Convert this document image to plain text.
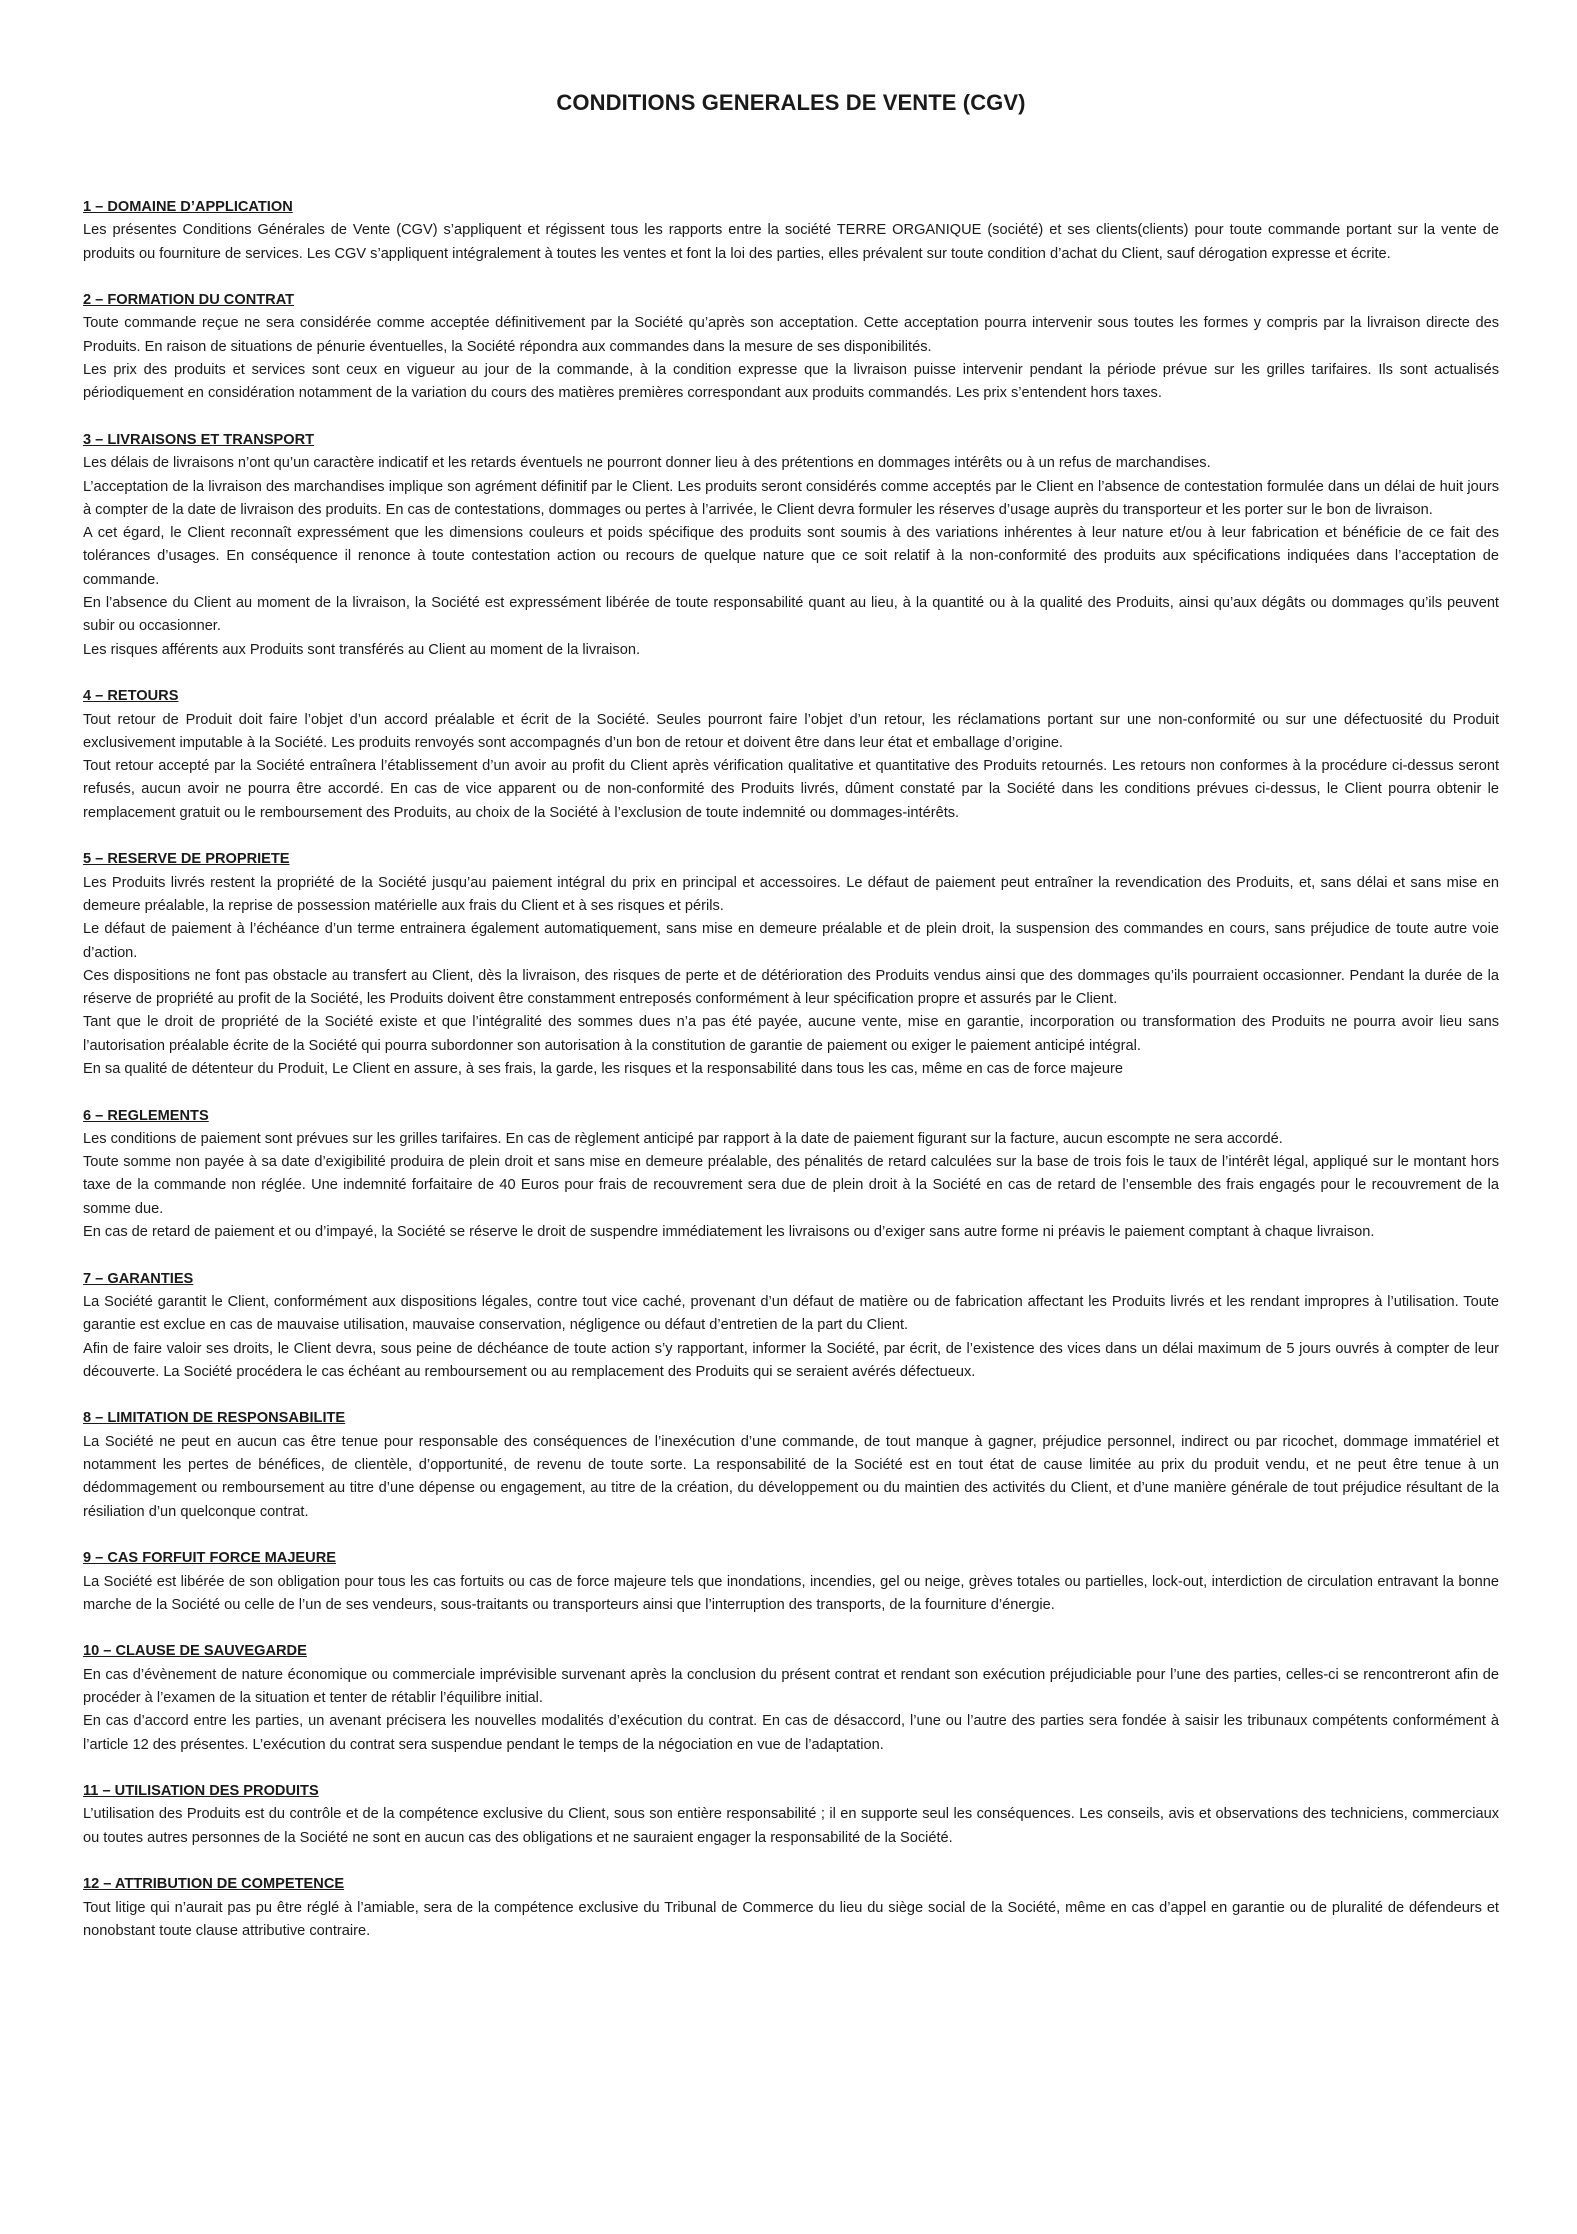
CONDITIONS GENERALES DE VENTE (CGV)
1 – DOMAINE D’APPLICATION
Les présentes Conditions Générales de Vente (CGV) s’appliquent et régissent tous les rapports entre la société TERRE ORGANIQUE (société) et ses clients(clients) pour toute commande portant sur la vente de produits ou fourniture de services. Les CGV s’appliquent intégralement à toutes les ventes et font la loi des parties, elles prévalent sur toute condition d’achat du Client, sauf dérogation expresse et écrite.
2 – FORMATION DU CONTRAT
Toute commande reçue ne sera considérée comme acceptée définitivement par la Société qu’après son acceptation. Cette acceptation pourra intervenir sous toutes les formes y compris par la livraison directe des Produits. En raison de situations de pénurie éventuelles, la Société répondra aux commandes dans la mesure de ses disponibilités.
Les prix des produits et services sont ceux en vigueur au jour de la commande, à la condition expresse que la livraison puisse intervenir pendant la période prévue sur les grilles tarifaires. Ils sont actualisés périodiquement en considération notamment de la variation du cours des matières premières correspondant aux produits commandés. Les prix s’entendent hors taxes.
3 – LIVRAISONS ET TRANSPORT
Les délais de livraisons n’ont qu’un caractère indicatif et les retards éventuels ne pourront donner lieu à des prétentions en dommages intérêts ou à un refus de marchandises.
L’acceptation de la livraison des marchandises implique son agrément définitif par le Client. Les produits seront considérés comme acceptés par le Client en l’absence de contestation formulée dans un délai de huit jours à compter de la date de livraison des produits. En cas de contestations, dommages ou pertes à l’arrivée, le Client devra formuler les réserves d’usage auprès du transporteur et les porter sur le bon de livraison.
A cet égard, le Client reconnaît expressément que les dimensions couleurs et poids spécifique des produits sont soumis à des variations inhérentes à leur nature et/ou à leur fabrication et bénéficie de ce fait des tolérances d’usages. En conséquence il renonce à toute contestation action ou recours de quelque nature que ce soit relatif à la non-conformité des produits aux spécifications indiquées dans l’acceptation de commande.
En l’absence du Client au moment de la livraison, la Société est expressément libérée de toute responsabilité quant au lieu, à la quantité ou à la qualité des Produits, ainsi qu’aux dégâts ou dommages qu’ils peuvent subir ou occasionner.
Les risques afférents aux Produits sont transférés au Client au moment de la livraison.
4 – RETOURS
Tout retour de Produit doit faire l’objet d’un accord préalable et écrit de la Société. Seules pourront faire l’objet d’un retour, les réclamations portant sur une non-conformité ou sur une défectuosité du Produit exclusivement imputable à la Société. Les produits renvoyés sont accompagnés d’un bon de retour et doivent être dans leur état et emballage d’origine.
Tout retour accepté par la Société entraînera l’établissement d’un avoir au profit du Client après vérification qualitative et quantitative des Produits retournés. Les retours non conformes à la procédure ci-dessus seront refusés, aucun avoir ne pourra être accordé. En cas de vice apparent ou de non-conformité des Produits livrés, dûment constaté par la Société dans les conditions prévues ci-dessus, le Client pourra obtenir le remplacement gratuit ou le remboursement des Produits, au choix de la Société à l’exclusion de toute indemnité ou dommages-intérêts.
5 – RESERVE DE PROPRIETE
Les Produits livrés restent la propriété de la Société jusqu’au paiement intégral du prix en principal et accessoires. Le défaut de paiement peut entraîner la revendication des Produits, et, sans délai et sans mise en demeure préalable, la reprise de possession matérielle aux frais du Client et à ses risques et périls.
Le défaut de paiement à l’échéance d’un terme entrainera également automatiquement, sans mise en demeure préalable et de plein droit, la suspension des commandes en cours, sans préjudice de toute autre voie d’action.
Ces dispositions ne font pas obstacle au transfert au Client, dès la livraison, des risques de perte et de détérioration des Produits vendus ainsi que des dommages qu’ils pourraient occasionner. Pendant la durée de la réserve de propriété au profit de la Société, les Produits doivent être constamment entreposés conformément à leur spécification propre et assurés par le Client.
Tant que le droit de propriété de la Société existe et que l’intégralité des sommes dues n’a pas été payée, aucune vente, mise en garantie, incorporation ou transformation des Produits ne pourra avoir lieu sans l’autorisation préalable écrite de la Société qui pourra subordonner son autorisation à la constitution de garantie de paiement ou exiger le paiement anticipé intégral.
En sa qualité de détenteur du Produit, Le Client en assure, à ses frais, la garde, les risques et la responsabilité dans tous les cas, même en cas de force majeure
6 – REGLEMENTS
Les conditions de paiement sont prévues sur les grilles tarifaires. En cas de règlement anticipé par rapport à la date de paiement figurant sur la facture, aucun escompte ne sera accordé.
Toute somme non payée à sa date d’exigibilité produira de plein droit et sans mise en demeure préalable, des pénalités de retard calculées sur la base de trois fois le taux de l’intérêt légal, appliqué sur le montant hors taxe de la commande non réglée. Une indemnité forfaitaire de 40 Euros pour frais de recouvrement sera due de plein droit à la Société en cas de retard de l’ensemble des frais engagés pour le recouvrement de la somme due.
En cas de retard de paiement et ou d’impayé, la Société se réserve le droit de suspendre immédiatement les livraisons ou d’exiger sans autre forme ni préavis le paiement comptant à chaque livraison.
7 – GARANTIES
La Société garantit le Client, conformément aux dispositions légales, contre tout vice caché, provenant d’un défaut de matière ou de fabrication affectant les Produits livrés et les rendant impropres à l’utilisation. Toute garantie est exclue en cas de mauvaise utilisation, mauvaise conservation, négligence ou défaut d’entretien de la part du Client.
Afin de faire valoir ses droits, le Client devra, sous peine de déchéance de toute action s’y rapportant, informer la Société, par écrit, de l’existence des vices dans un délai maximum de 5 jours ouvrés à compter de leur découverte. La Société procédera le cas échéant au remboursement ou au remplacement des Produits qui se seraient avérés défectueux.
8 – LIMITATION DE RESPONSABILITE
La Société ne peut en aucun cas être tenue pour responsable des conséquences de l’inexécution d’une commande, de tout manque à gagner, préjudice personnel, indirect ou par ricochet, dommage immatériel et notamment les pertes de bénéfices, de clientèle, d’opportunité, de revenu de toute sorte. La responsabilité de la Société est en tout état de cause limitée au prix du produit vendu, et ne peut être tenue à un dédommagement ou remboursement au titre d’une dépense ou engagement, au titre de la création, du développement ou du maintien des activités du Client, et d’une manière générale de tout préjudice résultant de la résiliation d’un quelconque contrat.
9 – CAS FORFUIT FORCE MAJEURE
La Société est libérée de son obligation pour tous les cas fortuits ou cas de force majeure tels que inondations, incendies, gel ou neige, grèves totales ou partielles, lock-out, interdiction de circulation entravant la bonne marche de la Société ou celle de l’un de ses vendeurs, sous-traitants ou transporteurs ainsi que l’interruption des transports, de la fourniture d’énergie.
10 – CLAUSE DE SAUVEGARDE
En cas d’évènement de nature économique ou commerciale imprévisible survenant après la conclusion du présent contrat et rendant son exécution préjudiciable pour l’une des parties, celles-ci se rencontreront afin de procéder à l’examen de la situation et tenter de rétablir l’équilibre initial.
En cas d’accord entre les parties, un avenant précisera les nouvelles modalités d’exécution du contrat. En cas de désaccord, l’une ou l’autre des parties sera fondée à saisir les tribunaux compétents conformément à l’article 12 des présentes. L’exécution du contrat sera suspendue pendant le temps de la négociation en vue de l’adaptation.
11 – UTILISATION DES PRODUITS
L’utilisation des Produits est du contrôle et de la compétence exclusive du Client, sous son entière responsabilité ; il en supporte seul les conséquences. Les conseils, avis et observations des techniciens, commerciaux ou toutes autres personnes de la Société ne sont en aucun cas des obligations et ne sauraient engager la responsabilité de la Société.
12 – ATTRIBUTION DE COMPETENCE
Tout litige qui n’aurait pas pu être réglé à l’amiable, sera de la compétence exclusive du Tribunal de Commerce du lieu du siège social de la Société, même en cas d’appel en garantie ou de pluralité de défendeurs et nonobstant toute clause attributive contraire.
